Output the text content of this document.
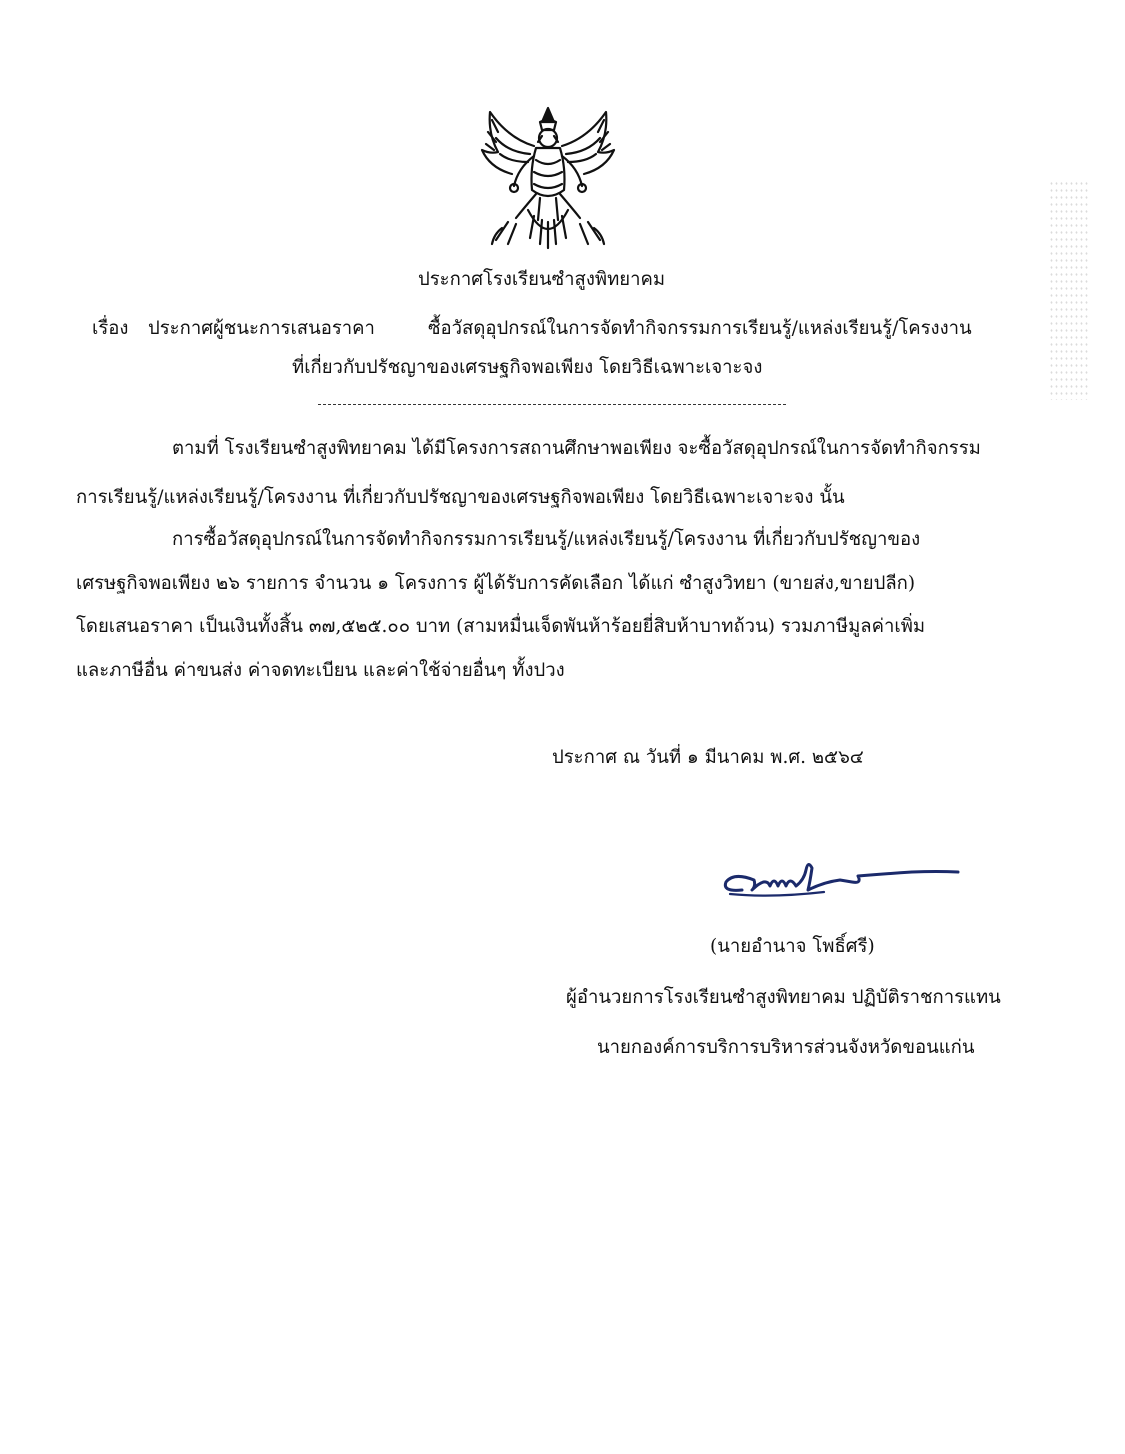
ประกาศโรงเรียนซำสูงพิทยาคม
เรื่อง ประกาศผู้ชนะการเสนอราคา	ซื้อวัสดุอุปกรณ์ในการจัดทำกิจกรรมการเรียนรู้/แหล่งเรียนรู้/โครงงาน
ที่เกี่ยวกับปรัชญาของเศรษฐกิจพอเพียง โดยวิธีเฉพาะเจาะจง
ตามที่ โรงเรียนซำสูงพิทยาคม ได้มีโครงการสถานศึกษาพอเพียง จะซื้อวัสดุอุปกรณ์ในการจัดทำกิจกรรม
การเรียนรู้/แหล่งเรียนรู้/โครงงาน ที่เกี่ยวกับปรัชญาของเศรษฐกิจพอเพียง โดยวิธีเฉพาะเจาะจง นั้น
การซื้อวัสดุอุปกรณ์ในการจัดทำกิจกรรมการเรียนรู้/แหล่งเรียนรู้/โครงงาน ที่เกี่ยวกับปรัชญาของ
เศรษฐกิจพอเพียง ๒๖ รายการ จำนวน ๑ โครงการ ผู้ได้รับการคัดเลือก ได้แก่ ซำสูงวิทยา (ขายส่ง,ขายปลีก)
โดยเสนอราคา เป็นเงินทั้งสิ้น ๓๗,๕๒๕.๐๐ บาท (สามหมื่นเจ็ดพันห้าร้อยยี่สิบห้าบาทถ้วน) รวมภาษีมูลค่าเพิ่ม
และภาษีอื่น ค่าขนส่ง ค่าจดทะเบียน และค่าใช้จ่ายอื่นๆ ทั้งปวง
ประกาศ ณ วันที่ ๑ มีนาคม พ.ศ. ๒๕๖๔
(นายอำนาจ โพธิ์ศรี)
ผู้อำนวยการโรงเรียนซำสูงพิทยาคม ปฏิบัติราชการแทน
นายกองค์การบริการบริหารส่วนจังหวัดขอนแก่น
